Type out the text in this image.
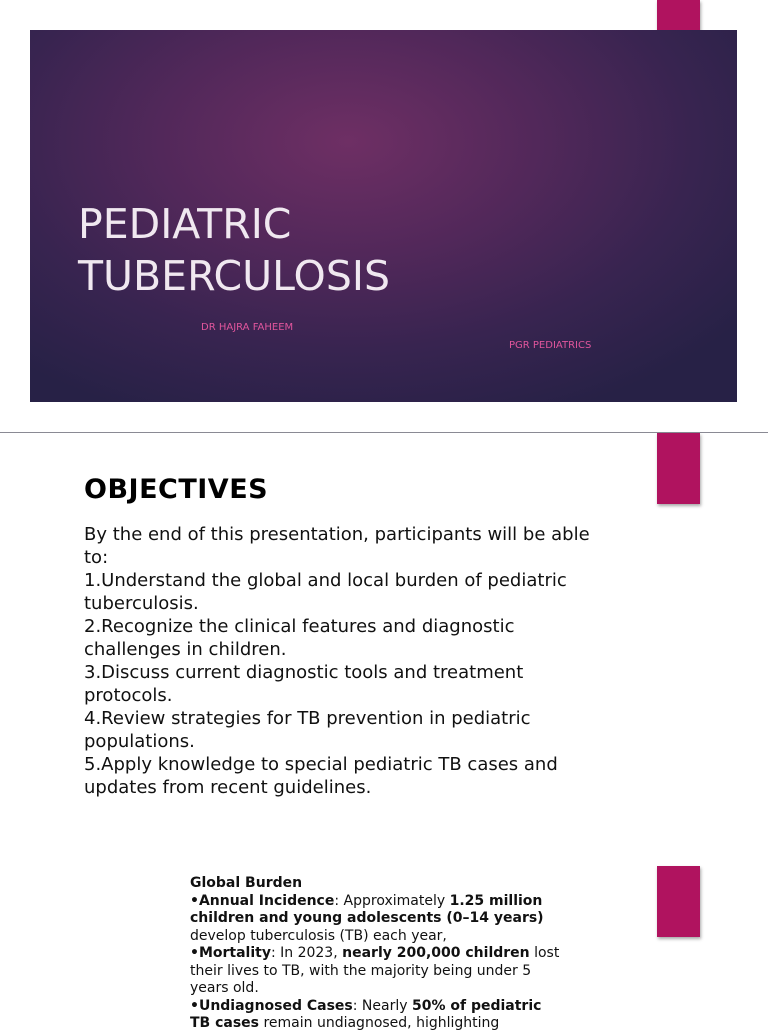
PEDIATRIC
TUBERCULOSIS
DR HAJRA FAHEEM
PGR PEDIATRICS
OBJECTIVES
By the end of this presentation, participants will be able to:
1.Understand the global and local burden of pediatric tuberculosis.
2.Recognize the clinical features and diagnostic challenges in children.
3.Discuss current diagnostic tools and treatment protocols.
4.Review strategies for TB prevention in pediatric populations.
5.Apply knowledge to special pediatric TB cases and updates from recent guidelines.
Global Burden
•Annual Incidence: Approximately 1.25 million children and young adolescents (0–14 years) develop tuberculosis (TB) each year,
•Mortality: In 2023, nearly 200,000 children lost their lives to TB, with the majority being under 5 years old.
•Undiagnosed Cases: Nearly 50% of pediatric TB cases remain undiagnosed, highlighting
